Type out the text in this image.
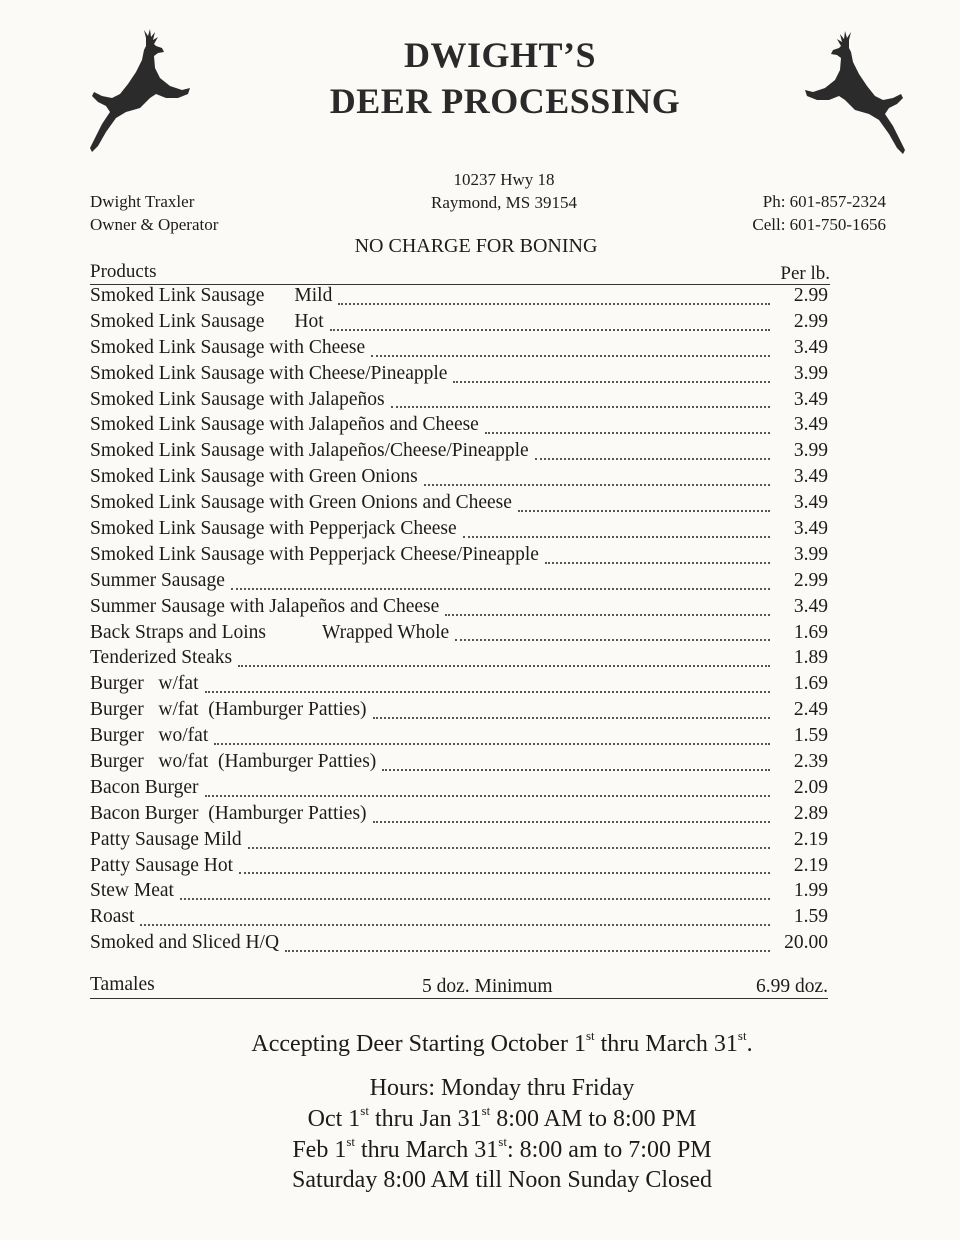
DWIGHT’S
DEER PROCESSING
10237 Hwy 18
Raymond, MS 39154
Dwight Traxler
Owner & Operator
Ph: 601-857-2324
Cell: 601-750-1656
NO CHARGE FOR BONING
Products	Per lb.
Smoked Link Sausage Mild	2.99
Smoked Link Sausage Hot	2.99
Smoked Link Sausage with Cheese	3.49
Smoked Link Sausage with Cheese/Pineapple	3.99
Smoked Link Sausage with Jalapeños	3.49
Smoked Link Sausage with Jalapeños and Cheese	3.49
Smoked Link Sausage with Jalapeños/Cheese/Pineapple	3.99
Smoked Link Sausage with Green Onions	3.49
Smoked Link Sausage with Green Onions and Cheese	3.49
Smoked Link Sausage with Pepperjack Cheese	3.49
Smoked Link Sausage with Pepperjack Cheese/Pineapple	3.99
Summer Sausage	2.99
Summer Sausage with Jalapeños and Cheese	3.49
Back Straps and Loins	Wrapped Whole	1.69
Tenderized Steaks	1.89
Burger   w/fat	1.69
Burger   w/fat  (Hamburger Patties)	2.49
Burger   wo/fat	1.59
Burger   wo/fat  (Hamburger Patties)	2.39
Bacon Burger	2.09
Bacon Burger  (Hamburger Patties)	2.89
Patty Sausage Mild	2.19
Patty Sausage Hot	2.19
Stew Meat	1.99
Roast	1.59
Smoked and Sliced H/Q	20.00
Tamales	5 doz. Minimum	6.99 doz.
Accepting Deer Starting October 1st thru March 31st.
Hours: Monday thru Friday
Oct 1st thru Jan 31st 8:00 AM to 8:00 PM
Feb 1st thru March 31st: 8:00 am to 7:00 PM
Saturday 8:00 AM till Noon Sunday Closed
